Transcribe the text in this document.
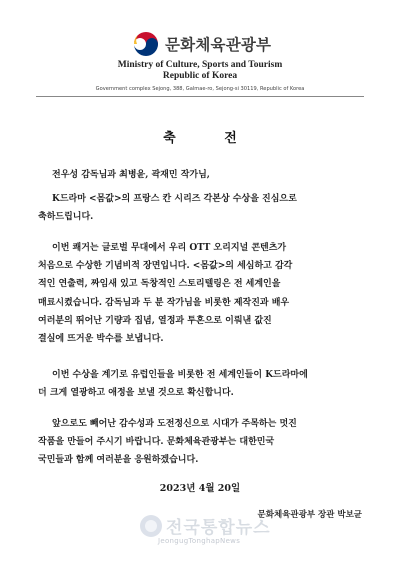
문화체육관광부
Ministry of Culture, Sports and Tourism
Republic of Korea
Government complex Sejong, 388, Galmae-ro, Sejong-si 30119, Republic of Korea
축 전
전우성 감독님과 최병윤, 곽재민 작가님,
K드라마 <몸값>의 프랑스 칸 시리즈 각본상 수상을 진심으로
축하드립니다.
이번 쾌거는 글로벌 무대에서 우리 OTT 오리지널 콘텐츠가
처음으로 수상한 기념비적 장면입니다. <몸값>의 세심하고 감각
적인 연출력, 짜임새 있고 독창적인 스토리텔링은 전 세계인을
매료시켰습니다. 감독님과 두 분 작가님을 비롯한 제작진과 배우
여러분의 뛰어난 기량과 집념, 열정과 투혼으로 이뤄낸 값진
결실에 뜨거운 박수를 보냅니다.
이번 수상을 계기로 유럽인들을 비롯한 전 세계인들이 K드라마에
더 크게 열광하고 애정을 보낼 것으로 확신합니다.
앞으로도 빼어난 감수성과 도전정신으로 시대가 주목하는 멋진
작품을 만들어 주시기 바랍니다. 문화체육관광부는 대한민국
국민들과 함께 여러분을 응원하겠습니다.
2023년 4월 20일
전국통합뉴스
JeongugTonghapNews
문화체육관광부 장관 박보균
